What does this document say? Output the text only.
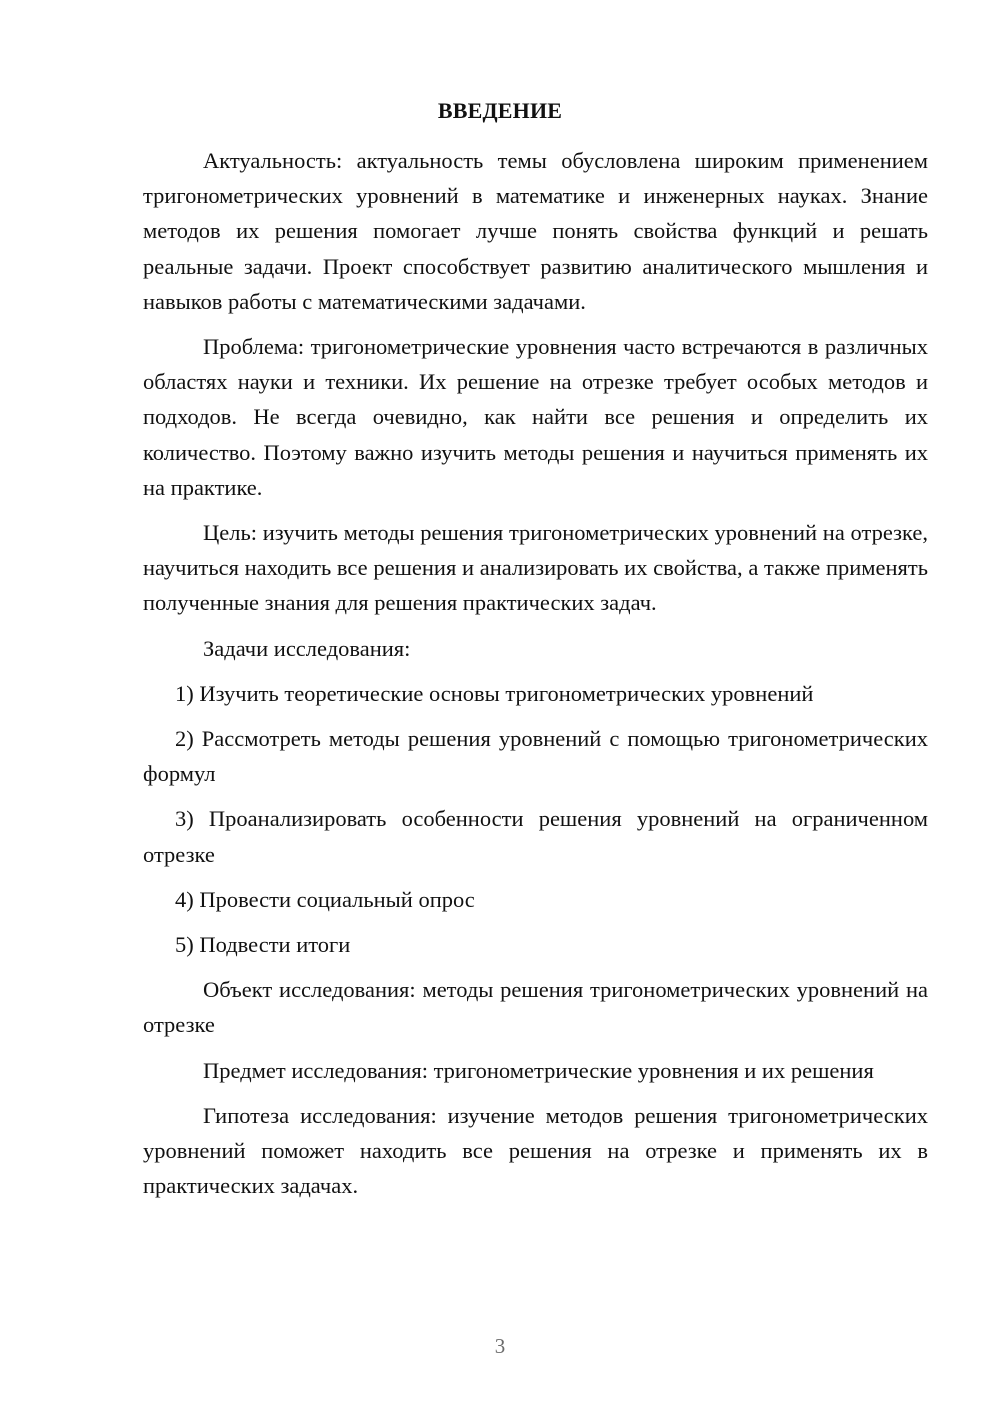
ВВЕДЕНИЕ

Актуальность: актуальность темы обусловлена широким применением тригонометрических уровнений в математике и инженерных науках. Знание методов их решения помогает лучше понять свойства функций и решать реальные задачи. Проект способствует развитию аналитического мышления и навыков работы с математическими задачами.

Проблема: тригонометрические уровнения часто встречаются в различных областях науки и техники. Их решение на отрезке требует особых методов и подходов. Не всегда очевидно, как найти все решения и определить их количество. Поэтому важно изучить методы решения и научиться применять их на практике.

Цель: изучить методы решения тригонометрических уровнений на отрезке, научиться находить все решения и анализировать их свойства, а также применять полученные знания для решения практических задач.

Задачи исследования:

1) Изучить теоретические основы тригонометрических уровнений

2) Рассмотреть методы решения уровнений с помощью тригонометрических формул

3) Проанализировать особенности решения уровнений на ограниченном отрезке

4) Провести социальный опрос

5) Подвести итоги

Объект исследования: методы решения тригонометрических уровнений на отрезке

Предмет исследования: тригонометрические уровнения и их решения

Гипотеза исследования: изучение методов решения тригонометрических уровнений поможет находить все решения на отрезке и применять их в практических задачах.

3
